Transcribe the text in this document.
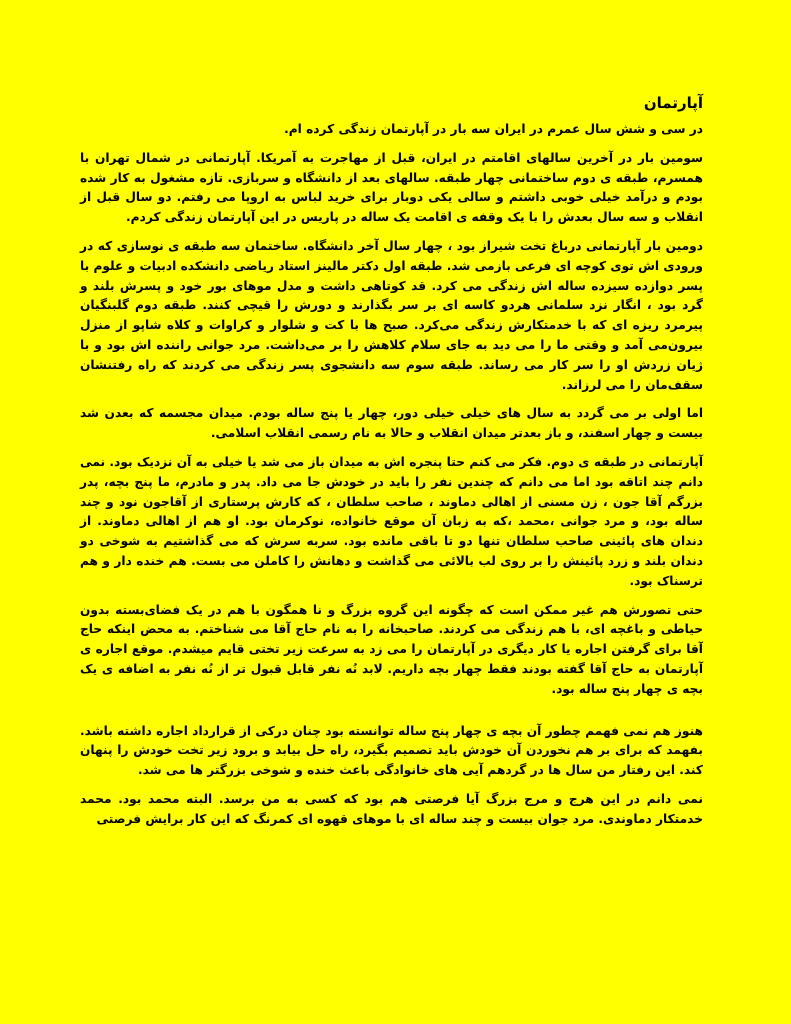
آپارتمان

در سی و شش سال عمرم در ایران سه بار در آپارتمان زندگی کرده ام.

سومین بار در آخرین سالهای اقامتم در ایران، قبل از مهاجرت به آمریکا. آپارتمانی در شمال تهران با همسرم، طبقه ی دوم ساختمانی چهار طبقه. سالهای بعد از دانشگاه و سربازی. تازه مشغول به کار شده بودم و درآمد خیلی خوبی داشتم و سالی یکی دوبار برای خرید لباس به اروپا می رفتم. دو سال قبل از انقلاب و سه سال بعدش را با یک وقفه ی اقامت یک ساله در پاریس در این آپارتمان زندگی کردم.

دومین بار آپارتمانی درباغ تخت شیراز بود ، چهار سال آخر دانشگاه. ساختمان سه طبقه ی نوسازی که در ورودی اش توی کوچه ای فرعی بازمی شد. طبقه اول دکتر مالینز استاد ریاضی دانشکده ادبیات و علوم با پسر دوازده سیزده ساله اش زندگی می کرد. قد کوتاهی داشت و مدل موهای بور خود و پسرش بلند و گرد بود ، انگار نزد سلمانی هردو کاسه ای بر سر بگذارند و دورش را قیچی کنند. طبقه دوم گلبنگیان پیرمرد ریزه ای که با خدمتکارش زندگی می‌کرد. صبح ها با کت و شلوار و کراوات و کلاه شاپو از منزل بیرون‌می آمد و وقتی ما را می دید به جای سلام کلاهش را بر می‌داشت. مرد جوانی راننده اش بود و با ژیان زردش او را سر کار می رساند. طبقه سوم سه دانشجوی پسر زندگی می کردند که راه رفتنشان سقف‌مان را می لرزاند.

اما اولی بر می گردد به سال های خیلی خیلی دور، چهار یا پنج ساله بودم. میدان مجسمه که بعدن شد بیست و چهار اسفند، و باز بعدتر میدان انقلاب و حالا به نام رسمی انقلاب اسلامی.

آپارتمانی در طبقه ی دوم. فکر می کنم حتا پنجره اش به میدان باز می شد یا خیلی به آن نزدیک بود. نمی دانم چند اتاقه بود اما می دانم که چندین نفر را باید در خودش جا می داد. پدر و مادرم، ما پنج بچه، پدر بزرگم آقا جون ، زن مسنی از اهالی دماوند ، صاحب سلطان ، که کارش پرستاری از آقاجون نود و چند ساله بود، و مرد جوانی ،محمد ،که به زبان آن موقع خانواده، نوکرمان بود. او هم از اهالی دماوند. از دندان های پائینی صاحب سلطان تنها دو تا باقی مانده بود. سربه سرش که می گذاشتیم به شوخی دو دندان بلند و زرد پائینش را بر روی لب بالائی می گذاشت و دهانش را کاملن می بست. هم خنده دار و هم ترسناک بود.

حتی تصورش هم غیر ممکن است که چگونه این گروه بزرگ و نا همگون با هم در یک فضای‌بسته بدون حیاطی و باغچه ای، با هم زندگی می کردند. صاحبخانه را به نام حاج آقا می شناختم. به محض اینکه حاج آقا برای گرفتن اجاره یا کار دیگری در آپارتمان را می زد به سرعت زیر تختی قایم میشدم. موقع اجاره ی آپارتمان به حاج آقا گفته بودند فقط چهار بچه داریم. لابد نُه نفر قابل قبول تر از نُه نفر به اضافه ی یک بچه ی چهار پنج ساله بود.

هنوز هم نمی فهمم چطور آن بچه ی چهار پنج ساله توانسته بود چنان درکی از قرارداد اجاره داشته باشد. بفهمد که برای بر هم نخوردن آن خودش باید تصمیم بگیرد، راه حل بیابد و برود زیر تخت خودش را پنهان کند. این رفتار من سال ها در گردهم آیی های خانوادگی باعث خنده و شوخی بزرگتر ها می شد.

نمی دانم در این هرج و مرج بزرگ آیا فرصتی هم بود که کسی به من برسد. البته محمد بود. محمد خدمتکار دماوندی. مرد جوان بیست و چند ساله ای با موهای قهوه ای کمرنگ که این کار برایش فرصتی
